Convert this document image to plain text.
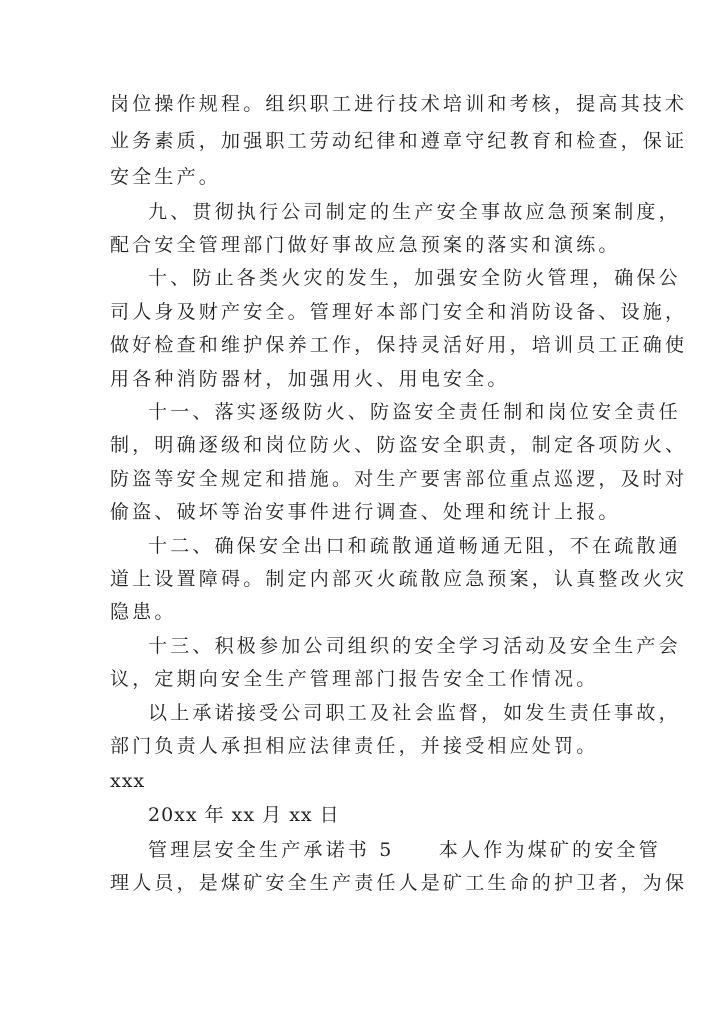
岗位操作规程。组织职工进行技术培训和考核，提高其技术
业务素质，加强职工劳动纪律和遵章守纪教育和检查，保证
安全生产。
九、贯彻执行公司制定的生产安全事故应急预案制度，
配合安全管理部门做好事故应急预案的落实和演练。
十、防止各类火灾的发生，加强安全防火管理，确保公
司人身及财产安全。管理好本部门安全和消防设备、设施，
做好检查和维护保养工作，保持灵活好用，培训员工正确使
用各种消防器材，加强用火、用电安全。
十一、落实逐级防火、防盗安全责任制和岗位安全责任
制，明确逐级和岗位防火、防盗安全职责，制定各项防火、
防盗等安全规定和措施。对生产要害部位重点巡逻，及时对
偷盗、破坏等治安事件进行调查、处理和统计上报。
十二、确保安全出口和疏散通道畅通无阻，不在疏散通
道上设置障碍。制定内部灭火疏散应急预案，认真整改火灾
隐患。
十三、积极参加公司组织的安全学习活动及安全生产会
议，定期向安全生产管理部门报告安全工作情况。
以上承诺接受公司职工及社会监督，如发生责任事故，
部门负责人承担相应法律责任，并接受相应处罚。
xxx
20xx 年 xx 月 xx 日
管理层安全生产承诺书 5　　本人作为煤矿的安全管
理人员，是煤矿安全生产责任人是矿工生命的护卫者，为保
